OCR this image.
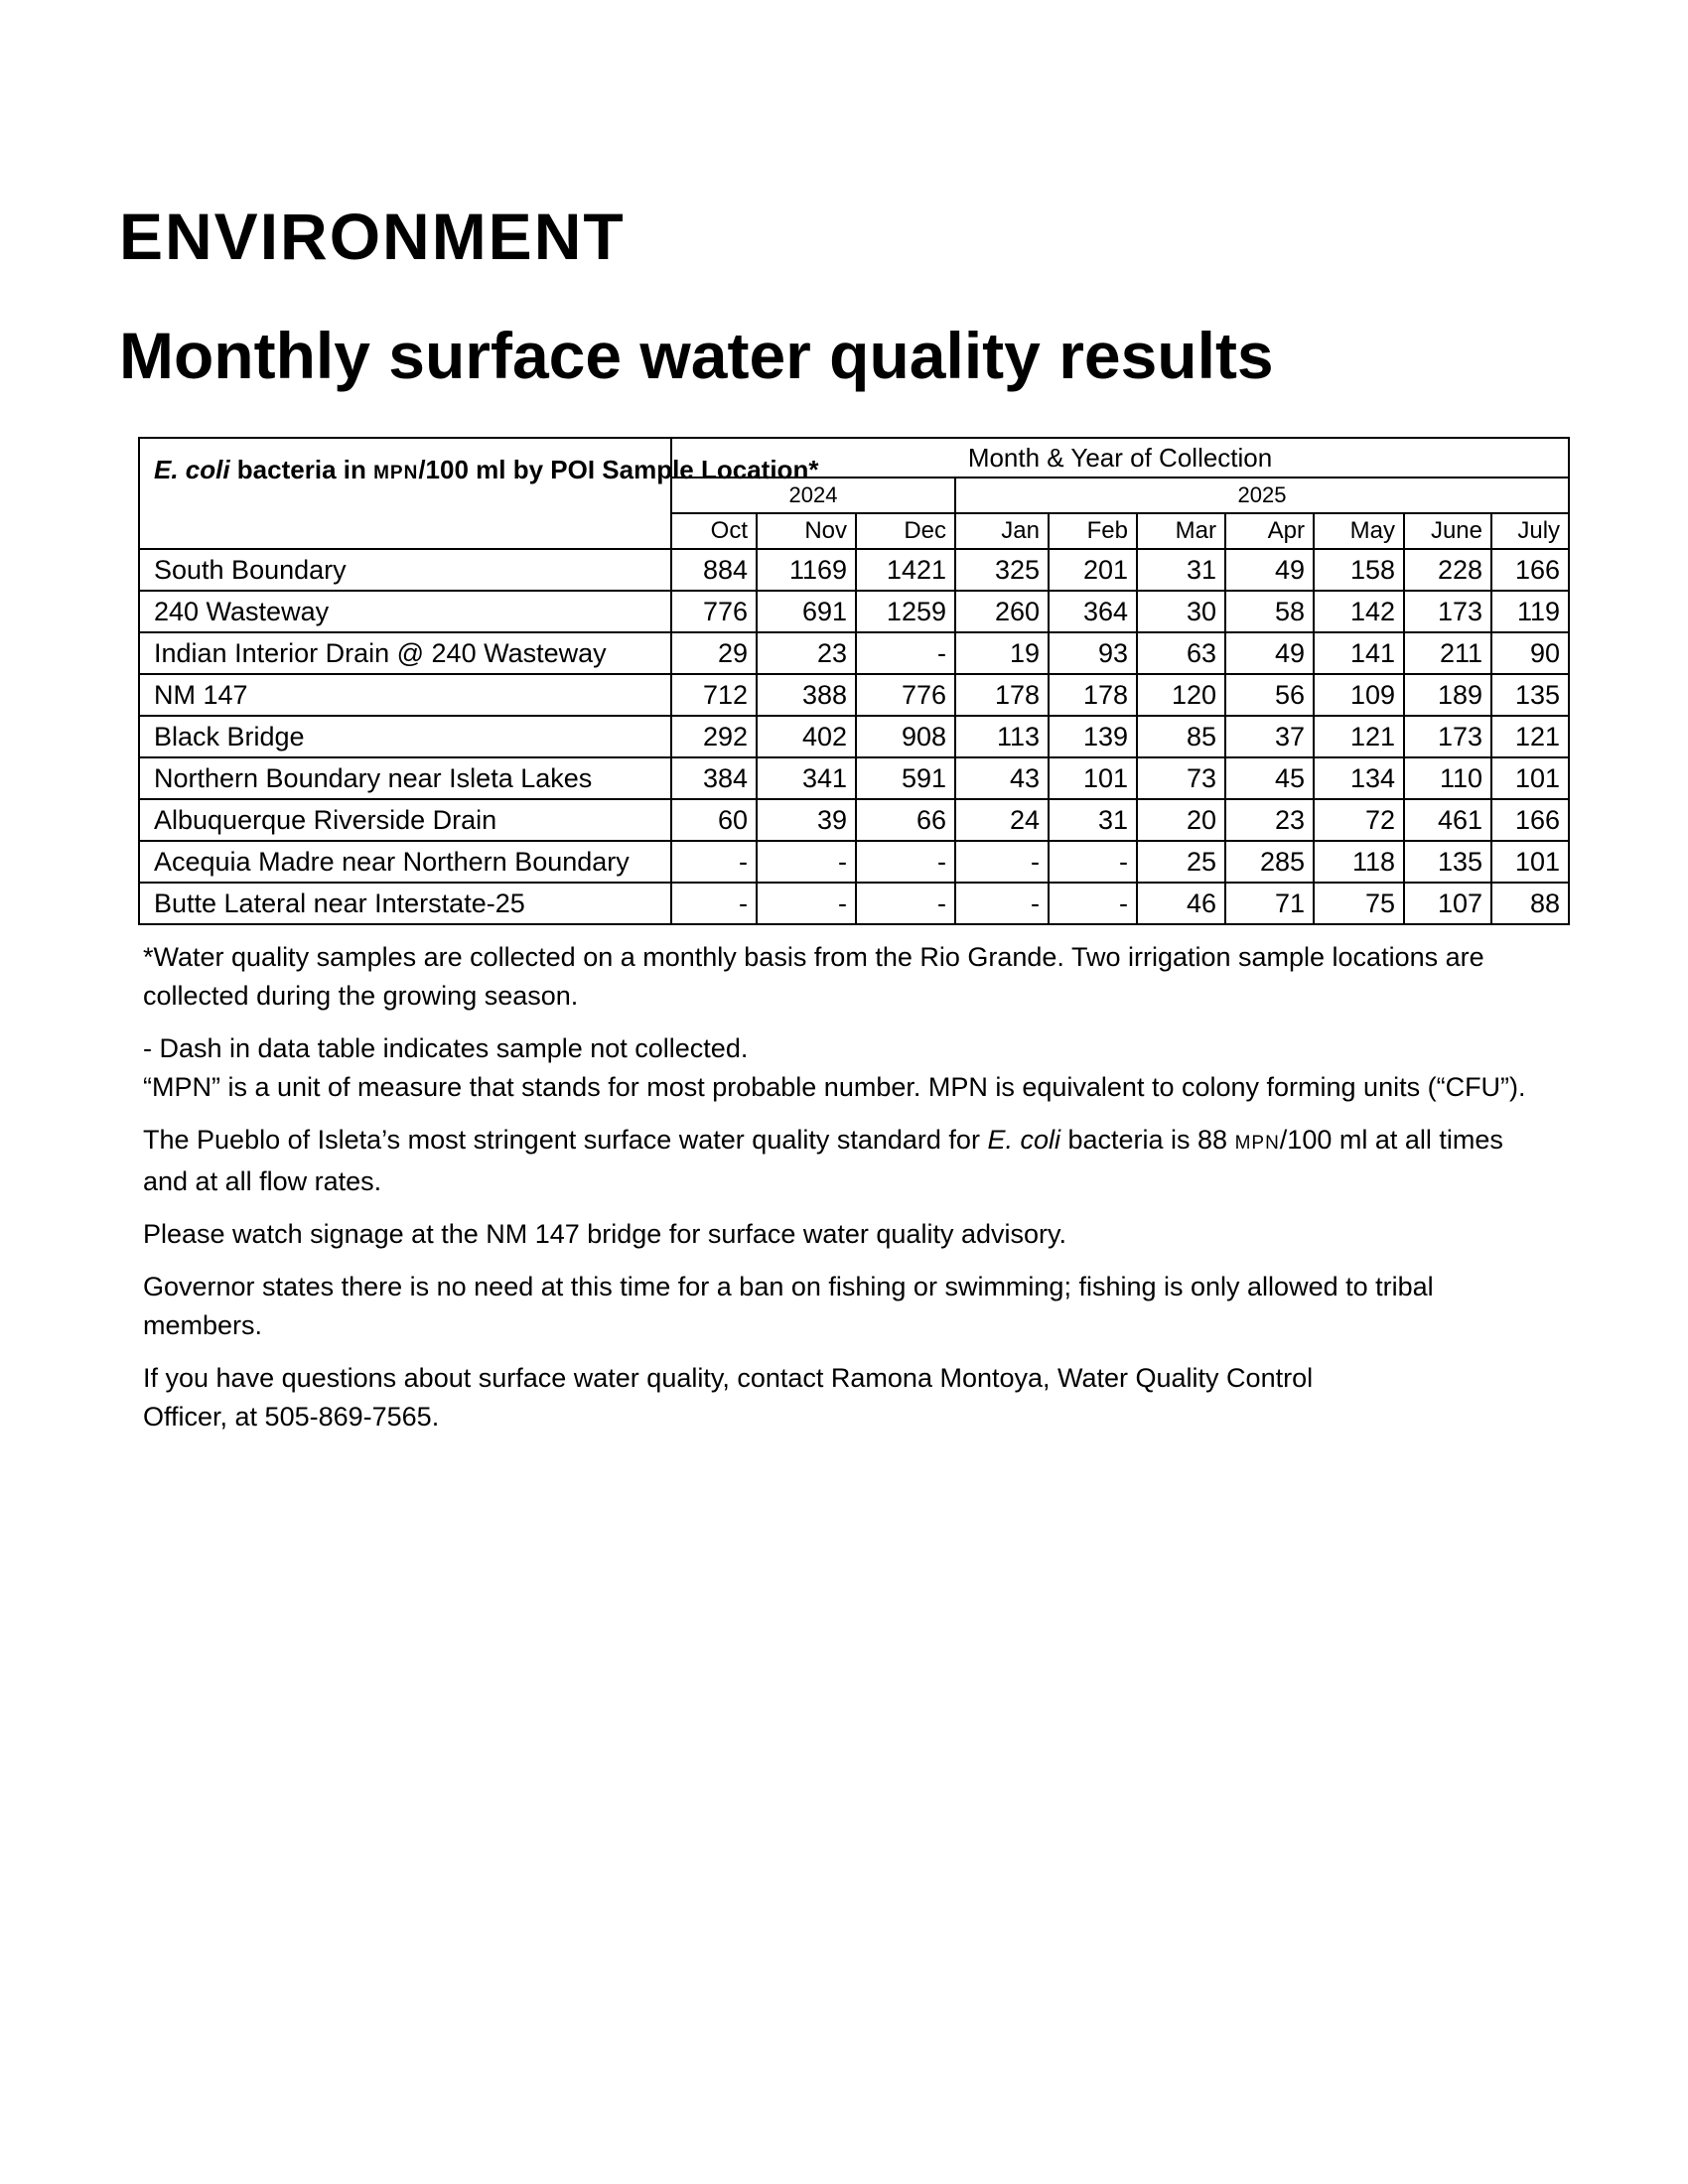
ENVIRONMENT
Monthly surface water quality results
E. coli bacteria in MPN/100 ml by POI Sample Location*	Month & Year of Collection									
	2024			2025						
	Oct	Nov	Dec	Jan	Feb	Mar	Apr	May	June	July
South Boundary	884	1169	1421	325	201	31	49	158	228	166
240 Wasteway	776	691	1259	260	364	30	58	142	173	119
Indian Interior Drain @ 240 Wasteway	29	23	-	19	93	63	49	141	211	90
NM 147	712	388	776	178	178	120	56	109	189	135
Black Bridge	292	402	908	113	139	85	37	121	173	121
Northern Boundary near Isleta Lakes	384	341	591	43	101	73	45	134	110	101
Albuquerque Riverside Drain	60	39	66	24	31	20	23	72	461	166
Acequia Madre near Northern Boundary	-	-	-	-	-	25	285	118	135	101
Butte Lateral near Interstate-25	-	-	-	-	-	46	71	75	107	88

*Water quality samples are collected on a monthly basis from the Rio Grande. Two irrigation sample locations are collected during the growing season.

- Dash in data table indicates sample not collected.
“MPN” is a unit of measure that stands for most probable number. MPN is equivalent to colony forming units (“CFU”).

The Pueblo of Isleta’s most stringent surface water quality standard for E. coli bacteria is 88 MPN/100 ml at all times and at all flow rates.

Please watch signage at the NM 147 bridge for surface water quality advisory.

Governor states there is no need at this time for a ban on fishing or swimming; fishing is only allowed to tribal members.

If you have questions about surface water quality, contact Ramona Montoya, Water Quality Control
Officer, at 505-869-7565.
